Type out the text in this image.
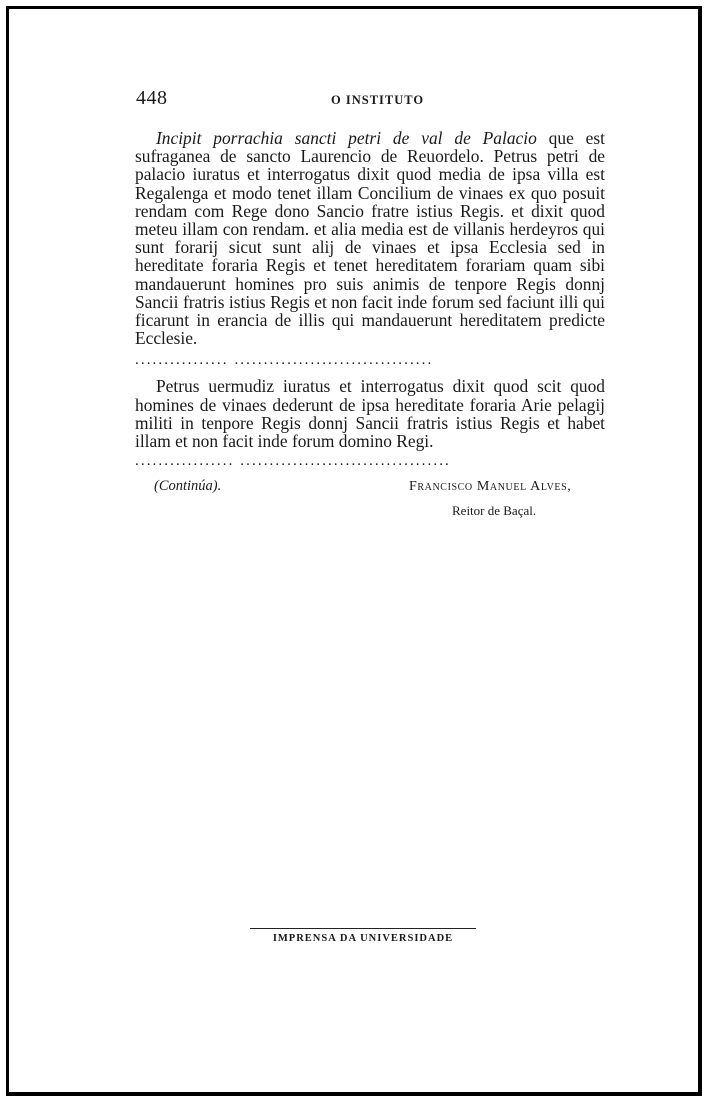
448	O INSTITUTO

Incipit porrachia sancti petri de val de Palacio que est sufraganea de sancto Laurencio de Reuordelo. Petrus petri de palacio iuratus et interrogatus dixit quod media de ipsa villa est Regalenga et modo tenet illam Concilium de vinaes ex quo posuit rendam com Rege dono Sancio fratre istius Regis. et dixit quod meteu illam con rendam. et alia media est de villanis herdeyros qui sunt forarij sicut sunt alij de vinaes et ipsa Ecclesia sed in hereditate foraria Regis et tenet hereditatem forariam quam sibi mandauerunt homines pro suis animis de tenpore Regis donnj Sancii fratris istius Regis et non facit inde forum sed faciunt illi qui ficarunt in erancia de illis qui mandauerunt hereditatem predicte Ecclesie.

................ ..................................

Petrus uermudiz iuratus et interrogatus dixit quod scit quod homines de vinaes dederunt de ipsa hereditate foraria Arie pelagij militi in tenpore Regis donnj Sancii fratris istius Regis et habet illam et non facit inde forum domino Regi.

................. ....................................
(Continúa).	Francisco Manuel Alves,
Reitor de Baçal.
IMPRENSA DA UNIVERSIDADE
